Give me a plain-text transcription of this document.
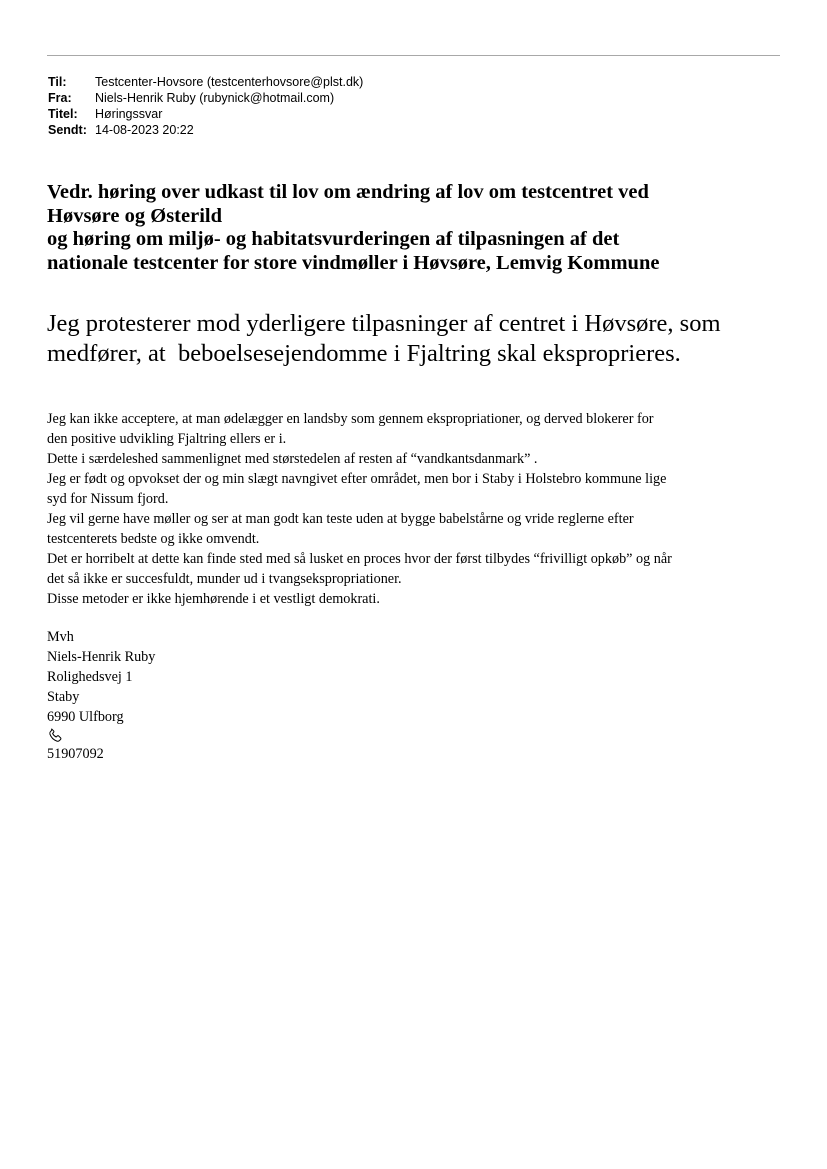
Til:	Testcenter-Hovsore (testcenterhovsore@plst.dk)
Fra:	Niels-Henrik Ruby (rubynick@hotmail.com)
Titel:	Høringssvar
Sendt: 14-08-2023 20:22
Vedr. høring over udkast til lov om ændring af lov om testcentret ved
Høvsøre og Østerild
og høring om miljø- og habitatsvurderingen af tilpasningen af det
nationale testcenter for store vindmøller i Høvsøre, Lemvig Kommune

Jeg protesterer mod yderligere tilpasninger af centret i Høvsøre, som
medfører, at  beboelsesejendomme i Fjaltring skal eksproprieres.

Jeg kan ikke acceptere, at man ødelægger en landsby som gennem ekspropriationer, og derved blokerer for
den positive udvikling Fjaltring ellers er i.
Dette i særdeleshed sammenlignet med størstedelen af resten af “vandkantsdanmark” .
Jeg er født og opvokset der og min slægt navngivet efter området, men bor i Staby i Holstebro kommune lige
syd for Nissum fjord.
Jeg vil gerne have møller og ser at man godt kan teste uden at bygge babelstårne og vride reglerne efter
testcenterets bedste og ikke omvendt.
Det er horribelt at dette kan finde sted med så lusket en proces hvor der først tilbydes “frivilligt opkøb” og når
det så ikke er succesfuldt, munder ud i tvangsekspropriationer.
Disse metoder er ikke hjemhørende i et vestligt demokrati.
Mvh
Niels-Henrik Ruby
Rolighedsvej 1
Staby
6990 Ulfborg
51907092
